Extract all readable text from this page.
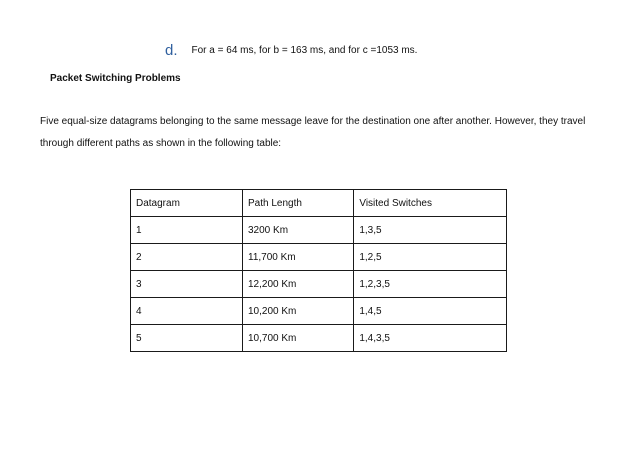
d. For a = 64 ms, for b = 163 ms, and for c =1053 ms.
Packet Switching Problems

Five equal-size datagrams belonging to the same message leave for the destination one after another. However, they travel through different paths as shown in the following table:

Datagram	Path Length	Visited Switches
1	3200 Km	1,3,5
2	11,700 Km	1,2,5
3	12,200 Km	1,2,3,5
4	10,200 Km	1,4,5
5	10,700 Km	1,4,3,5
